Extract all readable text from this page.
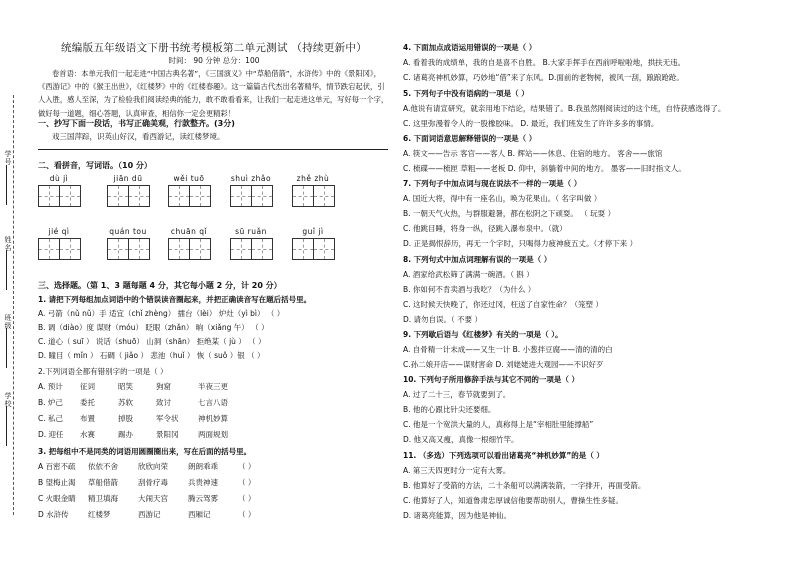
学号
姓名
班级
学校
统编版五年级语文下册书统考模板第二单元测试 （持续更新中）
时间： 90 分钟 总分：100
卷首语：本单元我们一起走进“中国古典名著”，《三国演义》中“草船借箭”，水浒传》中的《景阳冈》，《西游记》中的《猴王出世》，《红楼梦》中的《红楼春趣》。这一篇篇古代杰出名著精华，情节跌宕起伏，引人入胜，感人至深，为了检验我们阅读经典的能力，敢不敢看看来，让我们一起走进这单元，写好每一个字，做好每一道题，细心答题，认真审查，相信你一定会更精彩！
一、抄写下面一段话，书写正确美观，行款整齐。(3分)
戏三国萍踪，识英山好汉，看西游记，读红楼梦境。
二、看拼音，写词语。（10 分）
dù jì	jiān dū	wěi tuō	shuì zhǎo	zhě zhù
jié qì	quán tou	chuān qǐ	sū ruǎn	guǐ jì
三、选择题。（第 1、3 题每题 4 分，其它每小题 2 分，计 20 分）
1. 请把下列每组加点词语中的个错误读音圈起来，并把正确读音写在题后括号里。
A. 弓箭（nǔ nǔ）手 适宜（chǐ zhèng） 擂台（lèi） 炉灶（yì bì） （ ）
B. 调（diào）度 谋财（móu） 眨眼（zhǎn） 晌（xiǎng 午） （ ）
C. 道心（ suī ） 说话（shuō） 山洞（shān） 拒绝某（ jù ） （ ）
D. 瞳目（ mǐn ） 石碉（ jiǎo ） 悲池（huǐ ） 恢（ suǒ ）银 （ ）
2.下列词语全都有错别字的一项是（ ）
A. 预计 征词	昭笑	狗窟	半夜三更
B. 炉己 委托	苏软	致讨	七言八语
C. 私己 布置	掉股	军令状	神机妙算
D. 迎任 水赛	踢办	景阳冈	两面规划
3. 把每组中不是同类的词语用圆圈圈出来，写在后面的括号里。
A 百密不疏 依依不舍	欣欣向荣	朗朗乖乖	（ ）
B 望梅止渴 草船借箭	刮骨疗毒	兵贵神速	（ ）
C 火眼金睛 精卫填海	大闹天宫	腾云驾雾	（ ）
D 水浒传	红楼梦	西游记	西厢记	（ ）
4. 下面加点成语运用错误的一项是（ ）
A. 看着我的成绩单，我的自是喜不自胜。 B.大家手挥手在西前呼啦啦地，拱扶无违。
C. 诸葛亮神机妙算，巧妙地“借”来了东风。D.面前的老物树，被风一刮，踉踉跄跄。
5. 下列句子中没有语病的一项是（ ）
A.他说有请宣研究，就亲用地下结论，结果错了。B.我虽然刚阅读过的这个班，自恃获感选得了。
C. 这里弥漫着令人的一股橡胶味。 D. 最近，我们班发生了许许多多的事情。
6. 下面词语意思解释错误的一项是（ ）
A. 筷文——告示 客官——客人 B. 辉站——休息、住宿的地方。 客舍——旅馆
C. 梳碟——梳匣 草粗——老板 D. 仰中，斜躺着中间的地方。 墨客——旧时指文人。
7. 下列句子中加点词与现在说法不一样的一项是（ ）
A. 国近大将，得中有一座名山，唤为花果山。（ 名字叫做 ）
B. 一朝天气火热，与群服避暑，都在松阴之下顽耍。 （ 玩耍 ）
C. 他跳目睡，将身一纵，径跳入瀑布泉中。（就）
D. 正是揭恨辞历，再无一个字时，只喝得力疲神疲五丈。（才停下来 ）
8. 下列句式中加点词理解有误的一项是（ ）
A. 酒家给武松筛了满满一碗酒。（ 斟 ）
B. 你如何不肯卖酒与我吃？（为什么 ）
C. 这时候天快晚了，你还过冈，枉送了自家性命？（笼塑 ）
D. 请勿自误。（ 不要 ）
9. 下列歇后语与《红楼梦》有关的一项是（ ）。
A. 自骨精一计未成——又生一计 B. 小葱拌豆腐——清的清的白
C.孙二娘开店——谋财害命 D. 刘姥姥进大观园——不识好歹
10. 下列句子所用修辞手法与其它不同的一项是（ ）
A. 过了二十三，春节就要到了。
B. 他的心跟比针尖还要细。
C. 他是一个宽洪大量的人，真称得上是“宰相肚里能撑船”
D. 他又高又瘦，真像一根细竹竿。
11. （多选）下列选项可以看出诸葛亮“神机妙算”的是（ ）
A. 第三天四更时分一定有大雾。
B. 他算好了受箭的方法，二十条船可以满满装箭，一字排开，再面受箭。
C. 他算好了人，知道鲁肃忠厚诚信他要帮助别人，曹操生性多疑。
D. 诸葛亮能算，因为他是神仙。
